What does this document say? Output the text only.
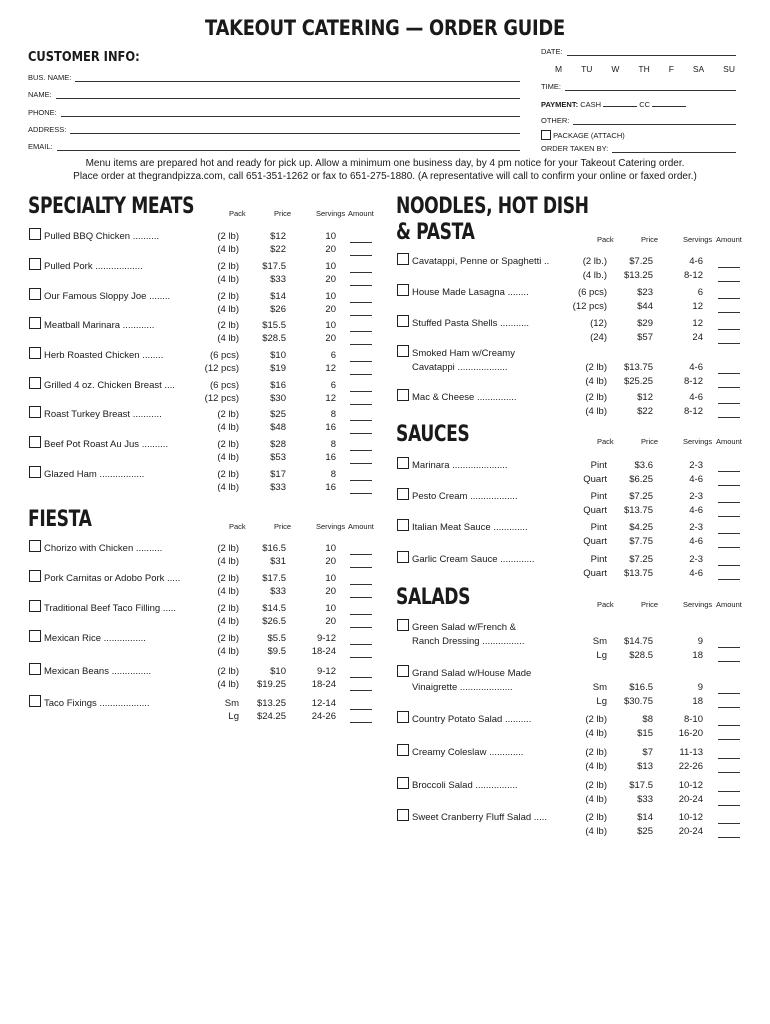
TAKEOUT CATERING — ORDER GUIDE
CUSTOMER INFO:
BUS. NAME:
NAME:
PHONE:
ADDRESS:
EMAIL:
DATE:
M TU W TH F SA SU
TIME:
PAYMENT: CASH	CC
OTHER:

PACKAGE (ATTACH)
ORDER TAKEN BY:
Menu items are prepared hot and ready for pick up. Allow a minimum one business day, by 4 pm notice for your Takeout Catering order.
Place order at thegrandpizza.com, call 651-351-1262 or fax to 651-275-1880. (A representative will call to confirm your online or faxed order.)
SPECIALTY MEATS
FIESTA
NOODLES, HOT DISH
& PASTA
SAUCES
SALADS
Pack	Price	Servings Amount
Pulled BBQ Chicken ..........	(2 lb)	$12	10
(4 lb)	$22	20
Pulled Pork ..................	(2 lb) $17.5	10
(4 lb)	$33	20
Our Famous Sloppy Joe ........	(2 lb)	$14	10
(4 lb)	$26	20
Meatball Marinara ............	(2 lb) $15.5	10
(4 lb) $28.5	20
Herb Roasted Chicken ........	(6 pcs)	$10	6
(12 pcs)	$19	12
Grilled 4 oz. Chicken Breast ....	(6 pcs)	$16	6
(12 pcs)	$30	12
Roast Turkey Breast ...........	(2 lb)	$25	8
(4 lb)	$48	16
Beef Pot Roast Au Jus ..........	(2 lb)	$28	8
(4 lb)	$53	16
Glazed Ham .................	(2 lb)	$17	8
(4 lb)	$33	16
Pack	Price	Servings Amount
Chorizo with Chicken ..........	(2 lb) $16.5	10
(4 lb)	$31	20
Pork Carnitas or Adobo Pork .....	(2 lb) $17.5	10
(4 lb)	$33	20
Traditional Beef Taco Filling .....	(2 lb) $14.5	10
(4 lb) $26.5	20
Mexican Rice ................	(2 lb)	$5.5	9-12
(4 lb)	$9.5	18-24
Mexican Beans ...............	(2 lb)	$10	9-12
(4 lb) $19.25	18-24
Taco Fixings ...................	Sm $13.25	12-14
Lg $24.25	24-26
Pack	Price	Servings Amount
Cavatappi, Penne or Spaghetti ..	(2 lb.) $7.25	4-6
(4 lb.) $13.25	8-12
House Made Lasagna ........	(6 pcs)	$23	6
(12 pcs)	$44	12
Stuffed Pasta Shells ...........	(12)	$29	12
(24)	$57	24
Smoked Ham w/Creamy
Cavatappi ...................	(2 lb) $13.75	4-6
(4 lb) $25.25	8-12
Mac & Cheese ...............	(2 lb)	$12	4-6
(4 lb)	$22	8-12
Pack	Price	Servings Amount
Marinara .....................	Pint	$3.6	2-3
Quart $6.25	4-6
Pesto Cream ..................	Pint $7.25	2-3
Quart $13.75	4-6
Italian Meat Sauce .............	Pint $4.25	2-3
Quart $7.75	4-6
Garlic Cream Sauce .............	Pint $7.25	2-3
Quart $13.75	4-6
Pack	Price	Servings Amount
Green Salad w/French &
Ranch Dressing ................	Sm $14.75	9
Lg $28.5	18
Grand Salad w/House Made
Vinaigrette ....................	Sm $16.5	9
Lg $30.75	18
Country Potato Salad ..........	(2 lb)	$8	8-10
(4 lb)	$15	16-20
Creamy Coleslaw .............	(2 lb)	$7	11-13
(4 lb)	$13	22-26
Broccoli Salad ................	(2 lb) $17.5	10-12
(4 lb)	$33	20-24
Sweet Cranberry Fluff Salad .....	(2 lb)	$14	10-12
(4 lb)	$25	20-24
